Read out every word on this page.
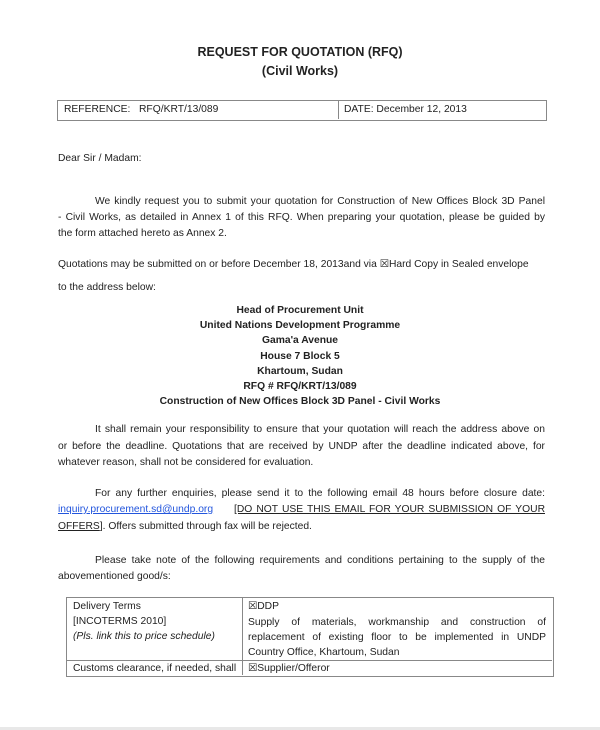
REQUEST FOR QUOTATION (RFQ)
(Civil Works)
REFERENCE: RFQ/KRT/13/089	DATE: December 12, 2013
Dear Sir / Madam:
We kindly request you to submit your quotation for Construction of New Offices Block 3D Panel
- Civil Works, as detailed in Annex 1 of this RFQ. When preparing your quotation, please be guided by
the form attached hereto as Annex 2.
Quotations may be submitted on or before December 18, 2013and via ☒Hard Copy in Sealed envelope
to the address below:
Head of Procurement Unit
United Nations Development Programme
Gama'a Avenue
House 7 Block 5
Khartoum, Sudan
RFQ # RFQ/KRT/13/089
Construction of New Offices Block 3D Panel - Civil Works
It shall remain your responsibility to ensure that your quotation will reach the address above on
or before the deadline. Quotations that are received by UNDP after the deadline indicated above, for
whatever reason, shall not be considered for evaluation.
For any further enquiries, please send it to the following email 48 hours before closure date:
inquiry.procurement.sd@undp.org [DO NOT USE THIS EMAIL FOR YOUR SUBMISSION OF YOUR
OFFERS]. Offers submitted through fax will be rejected.
Please take note of the following requirements and conditions pertaining to the supply of the
abovementioned good/s:
Delivery Terms
[INCOTERMS 2010]
(Pls. link this to price schedule)
☒DDP
Supply of materials, workmanship and construction of
replacement of existing floor to be implemented in UNDP
Country Office, Khartoum, Sudan
Customs clearance, if needed, shall ☒Supplier/Offeror
